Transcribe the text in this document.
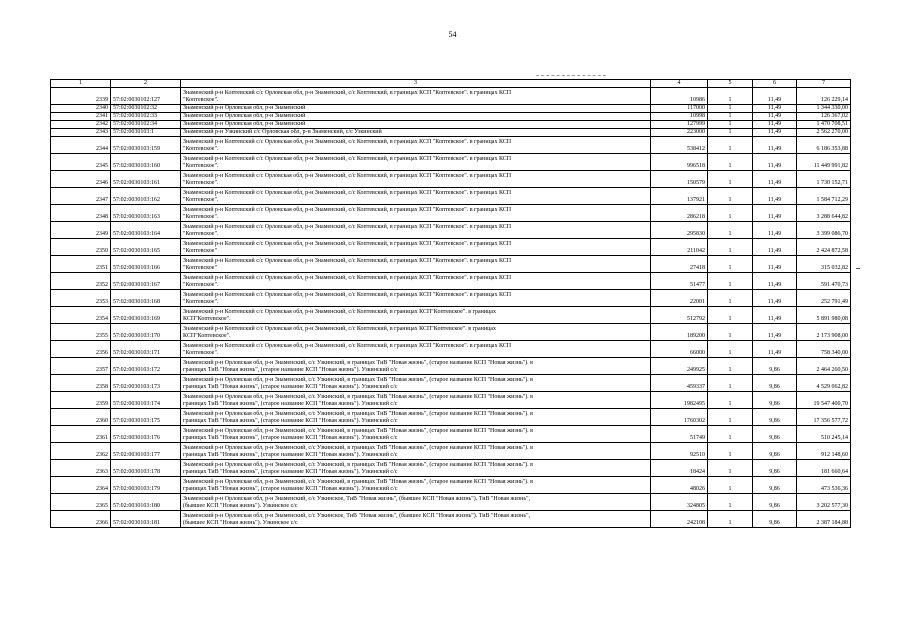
54
1	2	3	4	5	6	7
2339	57:02:0030102:127	Знаменский р-н Коптевский с/с Орловская обл, р-н Знаменский, с/с Коптевский, в границах КСП "Коптевское". в границах КСП
"Коптевское".	10986	1	11,49	126 229,14
2340	57:02:0030102:32	Знаменский р-н Орловская обл, р-н Знаменский	117000	1	11,49	1 344 330,00
2341	57:02:0030102:33	Знаменский р-н Орловская обл, р-н Знаменский	10998	1	11,49	126 367,02
2342	57:02:0030102:34	Знаменский р-н Орловская обл, р-н Знаменский	127999	1	11,49	1 470 708,51
2343	57:02:0030103:1	Знаменский р-н Узкинский с/с Орловская обл, р-н Знаменский, с/с Узкинский	223000	1	11,49	2 562 270,00
2344	57:02:0030103:159	Знаменский р-н Коптевский с/с Орловская обл, р-н Знаменский, с/с Коптевский, в границах КСП "Коптевское". в границах КСП
"Коптевское".	538412	1	11,49	6 186 353,88
2345	57:02:0030103:160	Знаменский р-н Коптевский с/с Орловская обл, р-н Знаменский, с/с Коптевский, в границах КСП "Коптевское". в границах КСП
"Коптевское".	996518	1	11,49	11 449 991,82
2346	57:02:0030103:161	Знаменский р-н Коптевский с/с Орловская обл, р-н Знаменский, с/с Коптевский, в границах КСП "Коптевское". в границах КСП
"Коптевское".	150579	1	11,49	1 730 152,71
2347	57:02:0030103:162	Знаменский р-н Коптевский с/с Орловская обл, р-н Знаменский, с/с Коптевский, в границах КСП "Коптевское". в границах КСП
"Коптевское".	137921	1	11,49	1 584 712,29
2348	57:02:0030103:163	Знаменский р-н Коптевский с/с Орловская обл, р-н Знаменский, с/с Коптевский, в границах КСП "Коптевское". в границах КСП
"Коптевское".	286218	1	11,49	3 288 644,82
2349	57:02:0030103:164	Знаменский р-н Коптевский с/с Орловская обл, р-н Знаменский, с/с Коптевский, в границах КСП "Коптевское". в границах КСП
"Коптевское".	295830	1	11,49	3 399 086,70
2350	57:02:0030103:165	Знаменский р-н Коптевский с/с Орловская обл, р-н Знаменский, с/с Коптевский, в границах КСП "Коптевское". в границах КСП
"Коптевское"	211042	1	11,49	2 424 872,58
2351	57:02:0030103:166	Знаменский р-н Коптевский с/с Орловская обл, р-н Знаменский, с/с Коптевский, в границах КСП "Коптевское". в границах КСП
"Коптевское"	27418	1	11,49	315 032,82
2352	57:02:0030103:167	Знаменский р-н Коптевский с/с Орловская обл, р-н Знаменский, с/с Коптевский, в границах КСП "Коптевское". в границах КСП
"Коптевское".	51477	1	11,49	591 470,73
2353	57:02:0030103:168	Знаменский р-н Коптевский с/с Орловская обл, р-н Знаменский, с/с Коптевский, в границах КСП "Коптевское". в границах КСП
"Коптевское".	22001	1	11,49	252 791,49
2354	57:02:0030103:169	Знаменский р-н Коптевский с/с Орловская обл, р-н Знаменский, с/с Коптевский, в границах КСП"Коптевское". в границах
КСП"Коптевское".	512792	1	11,49	5 891 980,08
2355	57:02:0030103:170	Знаменский р-н Коптевский с/с Орловская обл, р-н Знаменский, с/с Коптевский, в границах КСП"Коптевское". в границах
КСП"Коптевское".	189200	1	11,49	2 173 908,00
2356	57:02:0030103:171	Знаменский р-н Коптевский с/с Орловская обл, р-н Знаменский, с/с Коптевский, в границах КСП "Коптевское". в границах КСП
"Коптевское".	66000	1	11,49	758 340,00
2357	57:02:0030103:172	Знаменский р-н Орловская обл, р-н Знаменский, с/с Узкинский, в границах ТиВ "Новая жизнь", (старое название КСП "Новая жизнь"). в
границах ТиВ "Новая жизнь", (старое название КСП "Новая жизнь"). Узкинский с/с	249925	1	9,86	2 464 260,50
2358	57:02:0030103:173	Знаменский р-н Орловская обл, р-н Знаменский, с/с Узкинский, в границах ТиВ "Новая жизнь", (старое название КСП "Новая жизнь"). в
границах ТиВ "Новая жизнь", (старое название КСП "Новая жизнь"). Узкинский с/с	459337	1	9,86	4 529 062,82
2359	57:02:0030103:174	Знаменский р-н Орловская обл, р-н Знаменский, с/с Узкинский, в границах ТиВ "Новая жизнь", (старое название КСП "Новая жизнь"). в
границах ТиВ "Новая жизнь", (старое название КСП "Новая жизнь"). Узкинский с/с	1982495	1	9,86	19 547 400,70
2360	57:02:0030103:175	Знаменский р-н Орловская обл, р-н Знаменский, с/с Узкинский, в границах ТиВ "Новая жизнь", (старое название КСП "Новая жизнь"). в
границах ТиВ "Новая жизнь", (старое название КСП "Новая жизнь"). Узкинский с/с	1760302	1	9,86	17 356 577,72
2361	57:02:0030103:176	Знаменский р-н Орловская обл, р-н Знаменский, с/с Узкинский, в границах ТиВ "Новая жизнь", (старое название КСП "Новая жизнь"). в
границах ТиВ "Новая жизнь", (старое название КСП "Новая жизнь"). Узкинский с/с	51749	1	9,86	510 245,14
2362	57:02:0030103:177	Знаменский р-н Орловская обл, р-н Знаменский, с/с Узкинский, в границах ТиВ "Новая жизнь", (старое название КСП "Новая жизнь"). в
границах ТиВ "Новая жизнь", (старое название КСП "Новая жизнь"). Узкинский с/с	92510	1	9,86	912 148,60
2363	57:02:0030103:178	Знаменский р-н Орловская обл, р-н Знаменский, с/с Узкинский, в границах ТиВ "Новая жизнь", (старое название КСП "Новая жизнь"). в
границах ТиВ "Новая жизнь", (старое название КСП "Новая жизнь"). Узкинский с/с	18424	1	9,86	181 660,64
2364	57:02:0030103:179	Знаменский р-н Орловская обл, р-н Знаменский, с/с Узкинский, в границах ТиВ "Новая жизнь", (старое название КСП "Новая жизнь"). в
границах ТиВ "Новая жизнь", (старое название КСП "Новая жизнь"). Узкинский с/с	48026	1	9,86	473 536,36
2365	57:02:0030103:180	Знаменский р-н Орловская обл, р-н Знаменский, с/с Узкинское, ТиВ "Новая жизнь", (бывшее КСП "Новая жизнь"). ТиВ "Новая жизнь",
(бывшее КСП "Новая жизнь"). Узкинское с/с	324805	1	9,86	3 202 577,30
2366	57:02:0030103:181	Знаменский р-н Орловская обл, р-н Знаменский, с/с Узкинское, ТиВ "Новая жизнь", (бывшее КСП "Новая жизнь"). ТиВ "Новая жизнь",
(бывшее КСП "Новая жизнь"). Узкинское с/с	242108	1	9,86	2 387 184,88
